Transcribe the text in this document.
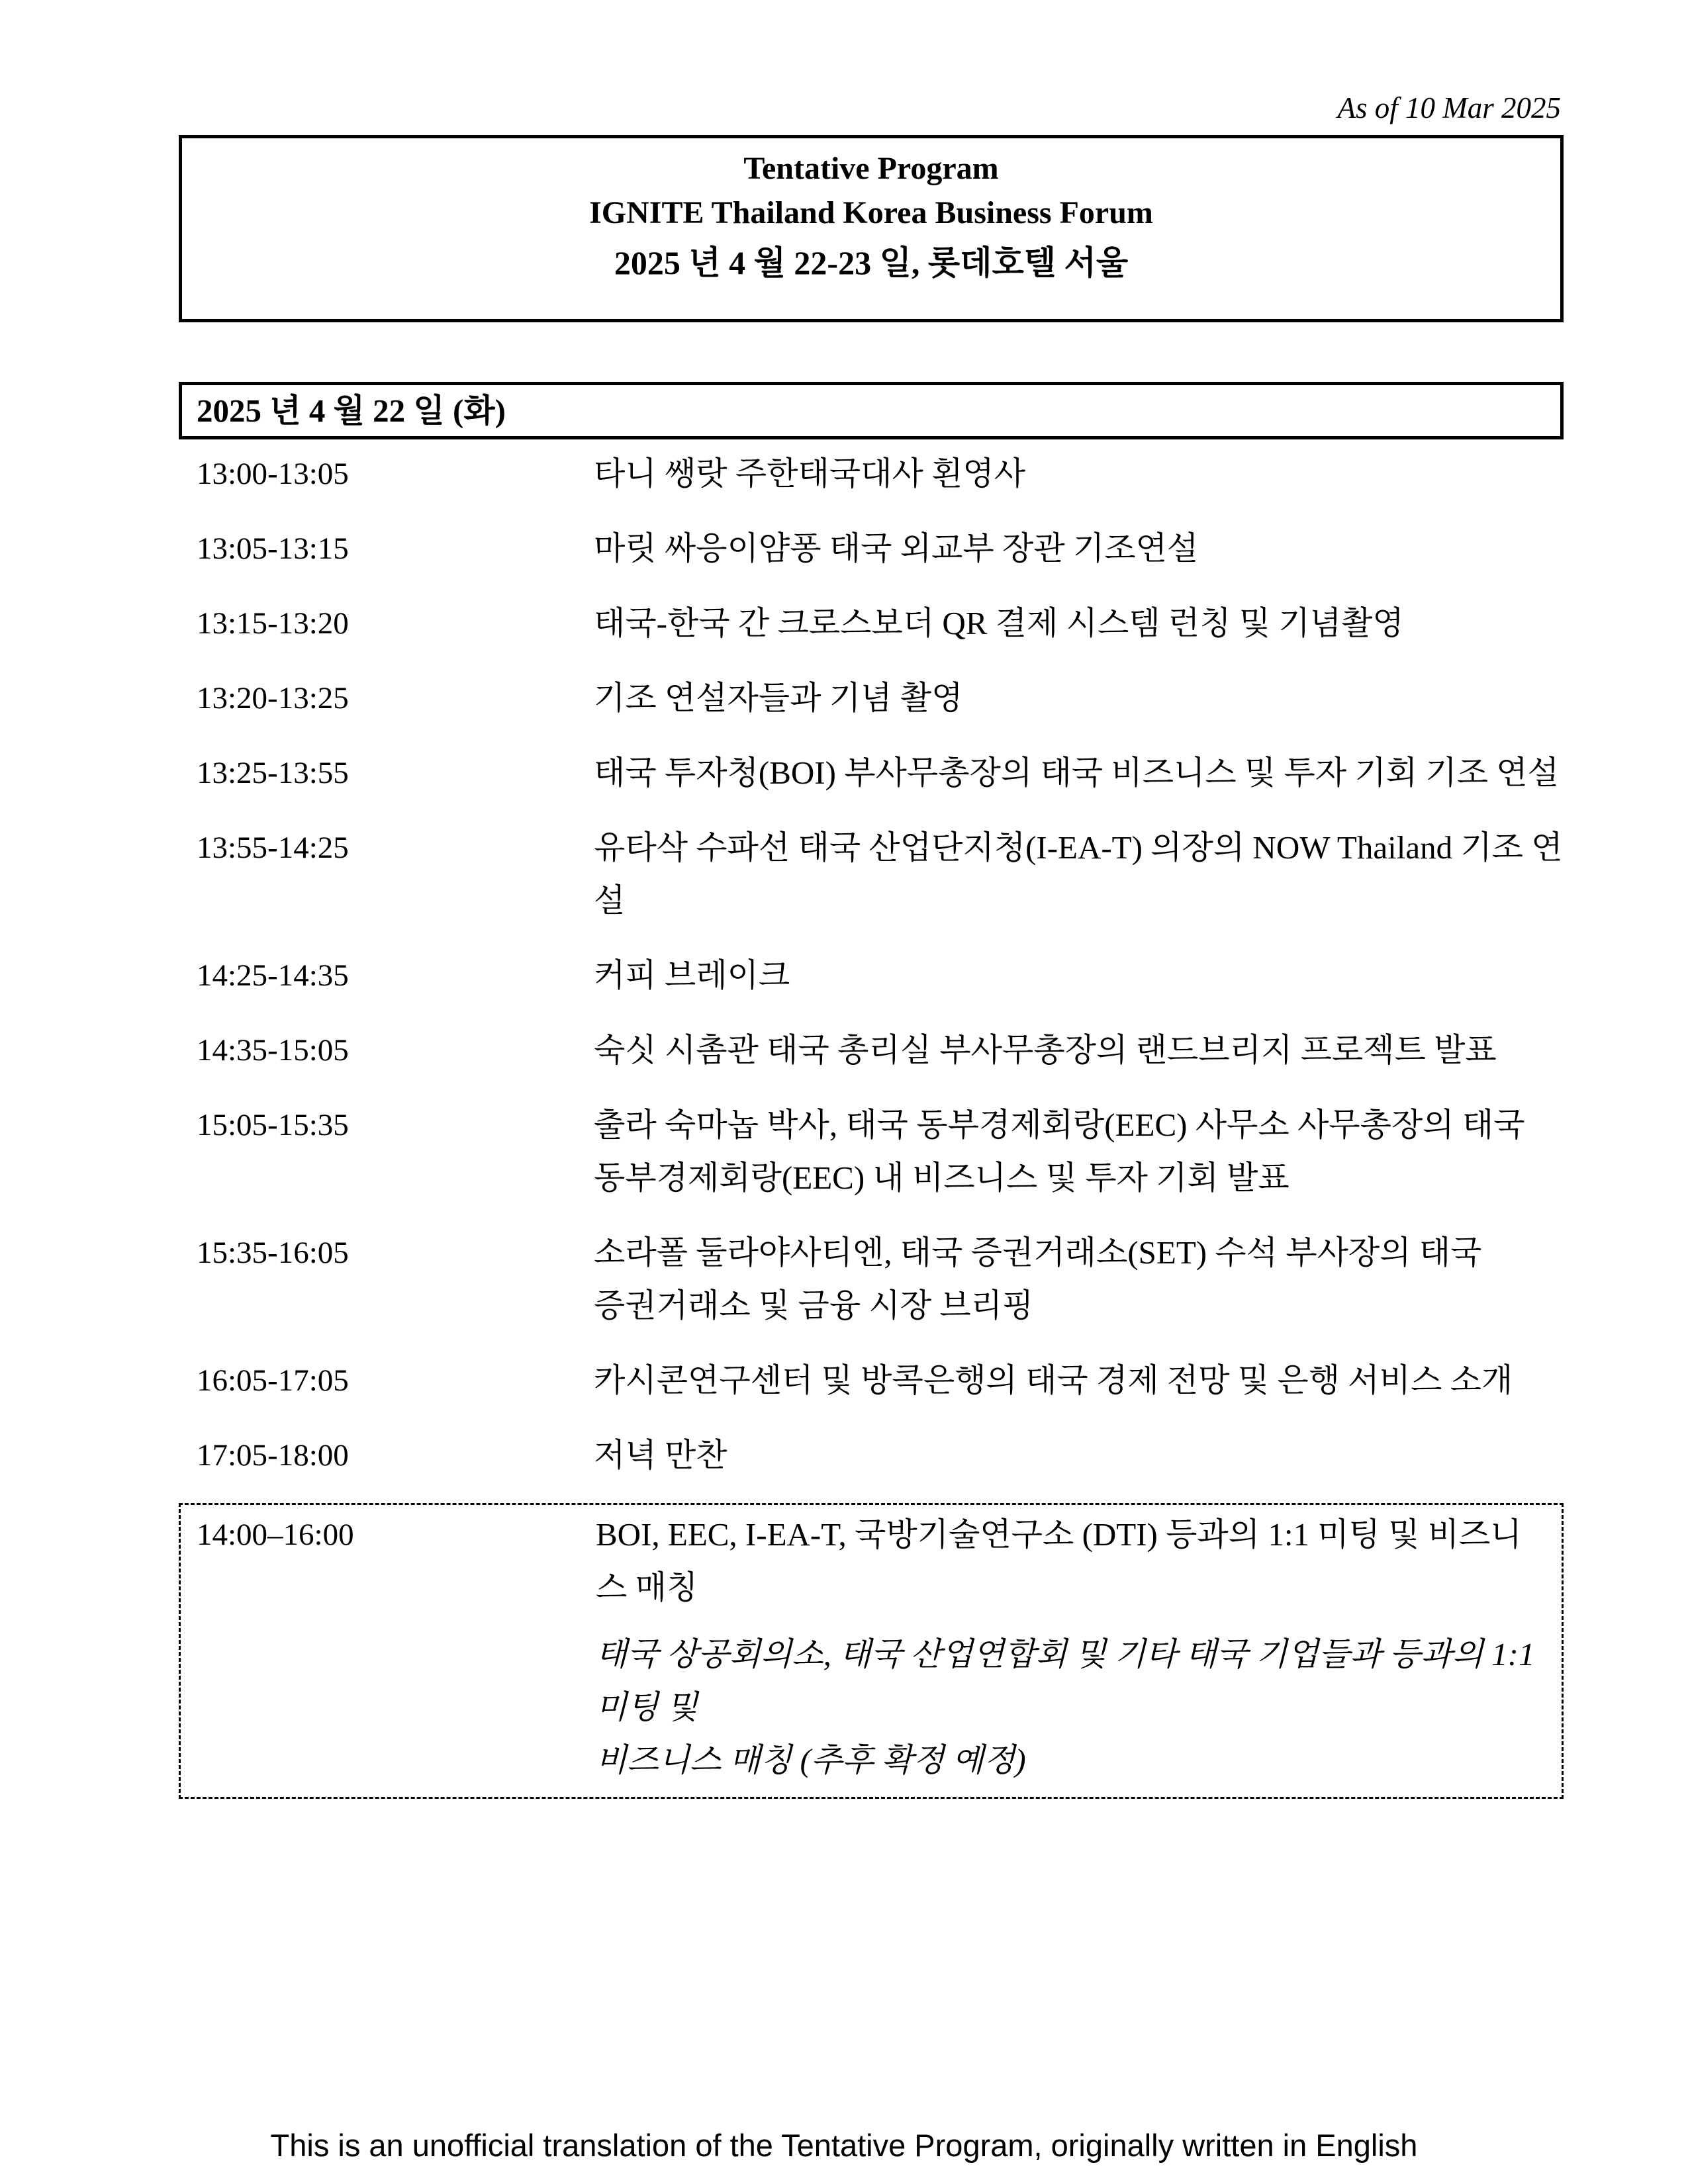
As of 10 Mar 2025
Tentative Program
IGNITE Thailand Korea Business Forum
2025 년 4 월 22-23 일, 롯데호텔 서울
2025 년 4 월 22 일 (화)
13:00-13:05	타니 쌩랏 주한태국대사 횐영사
13:05-13:15	마릿 싸응이얌퐁 태국 외교부 장관 기조연설
13:15-13:20	태국-한국 간 크로스보더 QR 결제 시스템 런칭 및 기념촬영
13:20-13:25	기조 연설자들과 기념 촬영
13:25-13:55	태국 투자청(BOI) 부사무총장의 태국 비즈니스 및 투자 기회 기조 연설
13:55-14:25	유타삭 수파선 태국 산업단지청(I-EA-T) 의장의 NOW Thailand 기조 연설
14:25-14:35	커피 브레이크
14:35-15:05	숙싯 시촘관 태국 총리실 부사무총장의 랜드브리지 프로젝트 발표
15:05-15:35	출라 숙마놉 박사, 태국 동부경제회랑(EEC) 사무소 사무총장의 태국
동부경제회랑(EEC) 내 비즈니스 및 투자 기회 발표
15:35-16:05	소라폴 둘라야사티엔, 태국 증권거래소(SET) 수석 부사장의 태국
증권거래소 및 금융 시장 브리핑
16:05-17:05	카시콘연구센터 및 방콕은행의 태국 경제 전망 및 은행 서비스 소개
17:05-18:00	저녁 만찬
14:00–16:00	BOI, EEC, I-EA-T, 국방기술연구소 (DTI) 등과의 1:1 미팅 및 비즈니스 매칭
태국 상공회의소, 태국 산업연합회 및 기타 태국 기업들과 등과의 1:1 미팅 및
비즈니스 매칭 (추후 확정 예정)
This is an unofficial translation of the Tentative Program, originally written in English
